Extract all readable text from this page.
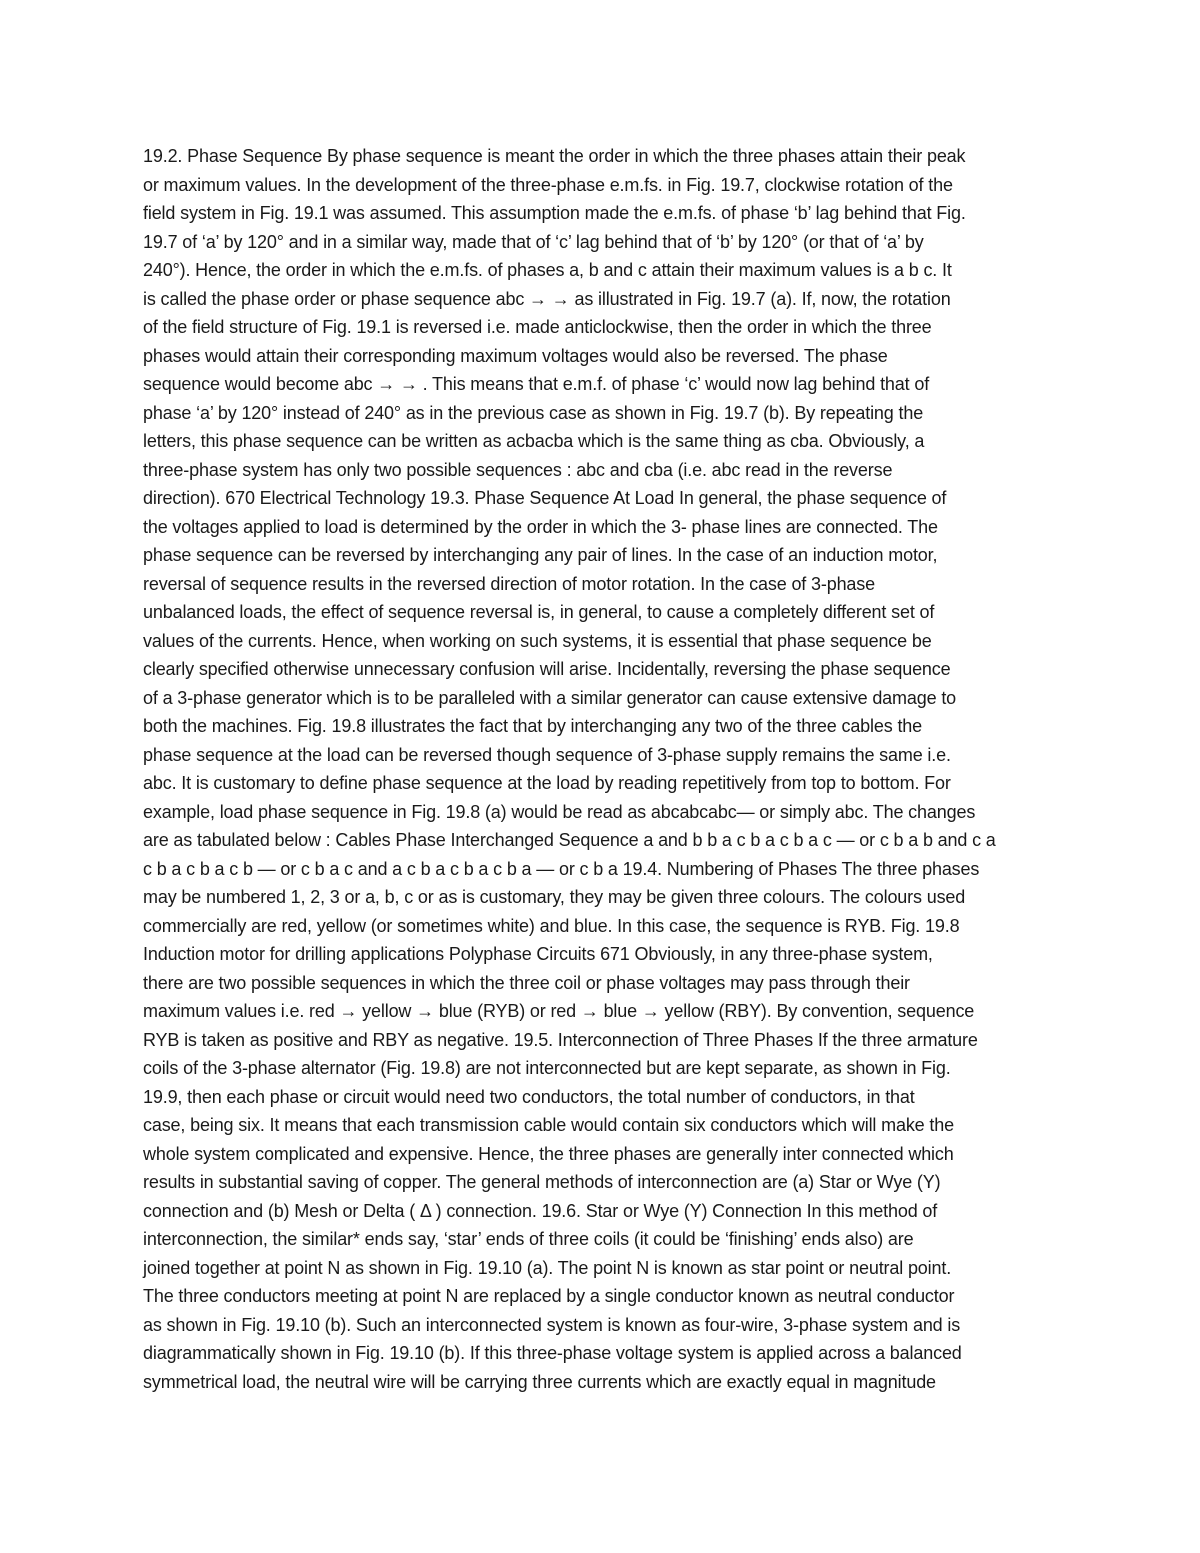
19.2. Phase Sequence By phase sequence is meant the order in which the three phases attain their peak
or maximum values. In the development of the three-phase e.m.fs. in Fig. 19.7, clockwise rotation of the
field system in Fig. 19.1 was assumed. This assumption made the e.m.fs. of phase ‘b’ lag behind that Fig.
19.7 of ‘a’ by 120° and in a similar way, made that of ‘c’ lag behind that of ‘b’ by 120° (or that of ‘a’ by
240°). Hence, the order in which the e.m.fs. of phases a, b and c attain their maximum values is a b c. It
is called the phase order or phase sequence abc → → as illustrated in Fig. 19.7 (a). If, now, the rotation
of the field structure of Fig. 19.1 is reversed i.e. made anticlockwise, then the order in which the three
phases would attain their corresponding maximum voltages would also be reversed. The phase
sequence would become abc → → . This means that e.m.f. of phase ‘c’ would now lag behind that of
phase ‘a’ by 120° instead of 240° as in the previous case as shown in Fig. 19.7 (b). By repeating the
letters, this phase sequence can be written as acbacba which is the same thing as cba. Obviously, a
three-phase system has only two possible sequences : abc and cba (i.e. abc read in the reverse
direction). 670 Electrical Technology 19.3. Phase Sequence At Load In general, the phase sequence of
the voltages applied to load is determined by the order in which the 3- phase lines are connected. The
phase sequence can be reversed by interchanging any pair of lines. In the case of an induction motor,
reversal of sequence results in the reversed direction of motor rotation. In the case of 3-phase
unbalanced loads, the effect of sequence reversal is, in general, to cause a completely different set of
values of the currents. Hence, when working on such systems, it is essential that phase sequence be
clearly specified otherwise unnecessary confusion will arise. Incidentally, reversing the phase sequence
of a 3-phase generator which is to be paralleled with a similar generator can cause extensive damage to
both the machines. Fig. 19.8 illustrates the fact that by interchanging any two of the three cables the
phase sequence at the load can be reversed though sequence of 3-phase supply remains the same i.e.
abc. It is customary to define phase sequence at the load by reading repetitively from top to bottom. For
example, load phase sequence in Fig. 19.8 (a) would be read as abcabcabc— or simply abc. The changes
are as tabulated below : Cables Phase Interchanged Sequence a and b b a c b a c b a c — or c b a b and c a
c b a c b a c b — or c b a c and a c b a c b a c b a — or c b a 19.4. Numbering of Phases The three phases
may be numbered 1, 2, 3 or a, b, c or as is customary, they may be given three colours. The colours used
commercially are red, yellow (or sometimes white) and blue. In this case, the sequence is RYB. Fig. 19.8
Induction motor for drilling applications Polyphase Circuits 671 Obviously, in any three-phase system,
there are two possible sequences in which the three coil or phase voltages may pass through their
maximum values i.e. red → yellow → blue (RYB) or red → blue → yellow (RBY). By convention, sequence
RYB is taken as positive and RBY as negative. 19.5. Interconnection of Three Phases If the three armature
coils of the 3-phase alternator (Fig. 19.8) are not interconnected but are kept separate, as shown in Fig.
19.9, then each phase or circuit would need two conductors, the total number of conductors, in that
case, being six. It means that each transmission cable would contain six conductors which will make the
whole system complicated and expensive. Hence, the three phases are generally inter connected which
results in substantial saving of copper. The general methods of interconnection are (a) Star or Wye (Y)
connection and (b) Mesh or Delta ( Δ ) connection. 19.6. Star or Wye (Y) Connection In this method of
interconnection, the similar* ends say, ‘star’ ends of three coils (it could be ‘finishing’ ends also) are
joined together at point N as shown in Fig. 19.10 (a). The point N is known as star point or neutral point.
The three conductors meeting at point N are replaced by a single conductor known as neutral conductor
as shown in Fig. 19.10 (b). Such an interconnected system is known as four-wire, 3-phase system and is
diagrammatically shown in Fig. 19.10 (b). If this three-phase voltage system is applied across a balanced
symmetrical load, the neutral wire will be carrying three currents which are exactly equal in magnitude
